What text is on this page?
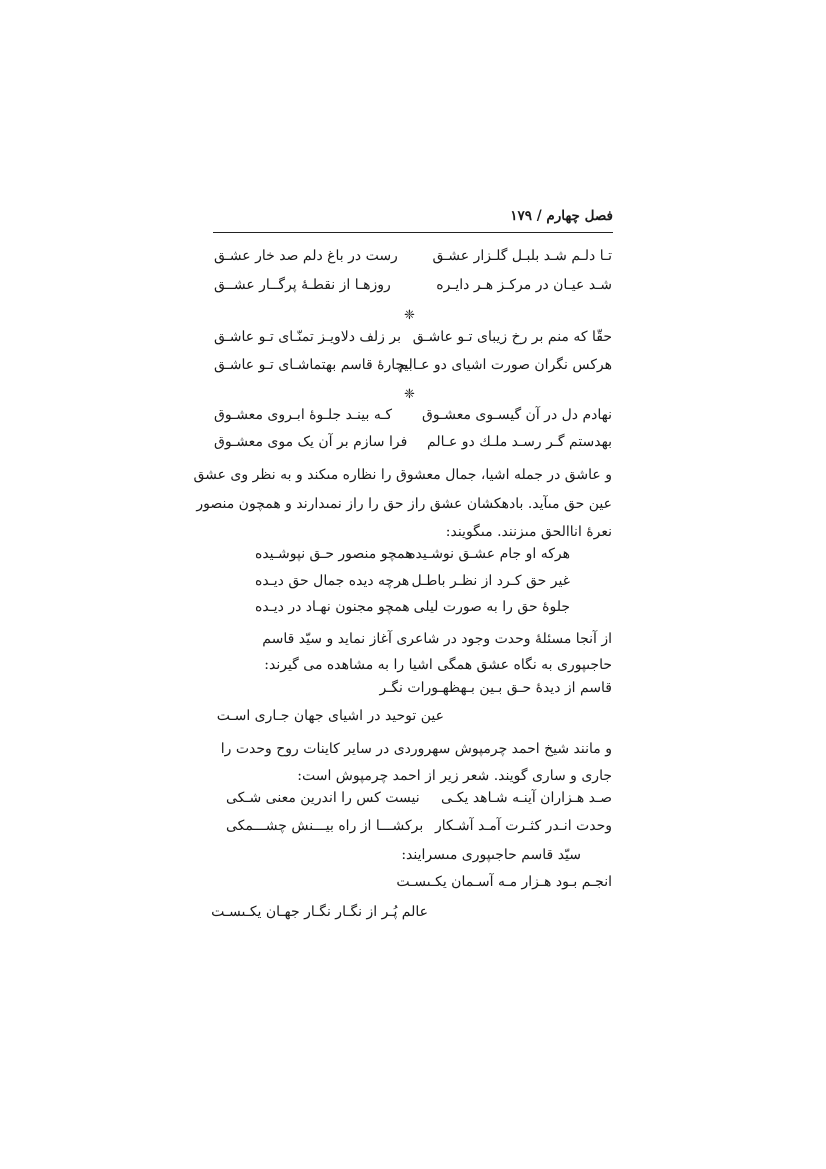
فصل چهارم / ۱۷۹
تـا دلـم شـد بلبـل گلـزار عشـق
رست در باغ دلم صد خار عشـق
شـد عيـان در مركـز هـر دايـره
روزهـا از نقطـۀ پرگــار عشــق
❈
حقّا كه منم بر رخ زيباى تـو عاشـق
بر زلف دلاويـز تمنّـاى تـو عاشـق
هركس نگران صورت اشياى دو عـالم
بيچارۀ قاسم بهتماشـاى تـو عاشـق
❈
نهادم دل در آن گيسـوى معشـوق
كـه بينـد جلـوۀ ابـروى معشـوق
بهدستم گـر رسـد ملـك دو عـالم
فرا سازم بر آن يک موى معشـوق
و عاشق در جمله اشيا، جمال معشوق را نظاره مىكند و به نظر وى عشق
عين حق مىآيد. بادهكشان عشق راز حق را راز نمىدارند و همچون منصور
نعرۀ اناالحق مىزنند. مىگويند:
هركه او جام عشـق نوشـيده
همچو منصور حـق نپوشـيده
غير حق كـرد از نظـر باطـل
هرچه ديده جمال حق ديـده
جلوۀ حق را به صورت ليلى
همچو مجنون نهـاد در ديـده
از آنجا مسئلۀ وحدت وجود در شاعرى آغاز نمايد و سيّد قاسم
حاجىپورى به نگاه عشق همگى اشيا را به مشاهده مى گيرند:
قاسم از ديدۀ حـق بـين بـهظهـورات نگـر
عين توحيد در اشياى جهان جـارى اسـت
و مانند شيخ احمد چرمپوش سهروردى در ساير كاينات روح وحدت را
جارى و سارى گويند. شعر زير از احمد چرمپوش است:
صـد هـزاران آينـه شـاهد يكـى
نيست كس را اندرين معنى شـكى
وحدت انـدر كثـرت آمـد آشـكار
بركشـــا از راه بيـــنش چشـــمكى
سيّد قاسم حاجىپورى مىسرايند:
انجـم بـود هـزار مـه آسـمان يكـىسـت
عالم پُـر از نگـار نگـار جهـان يكـىسـت
